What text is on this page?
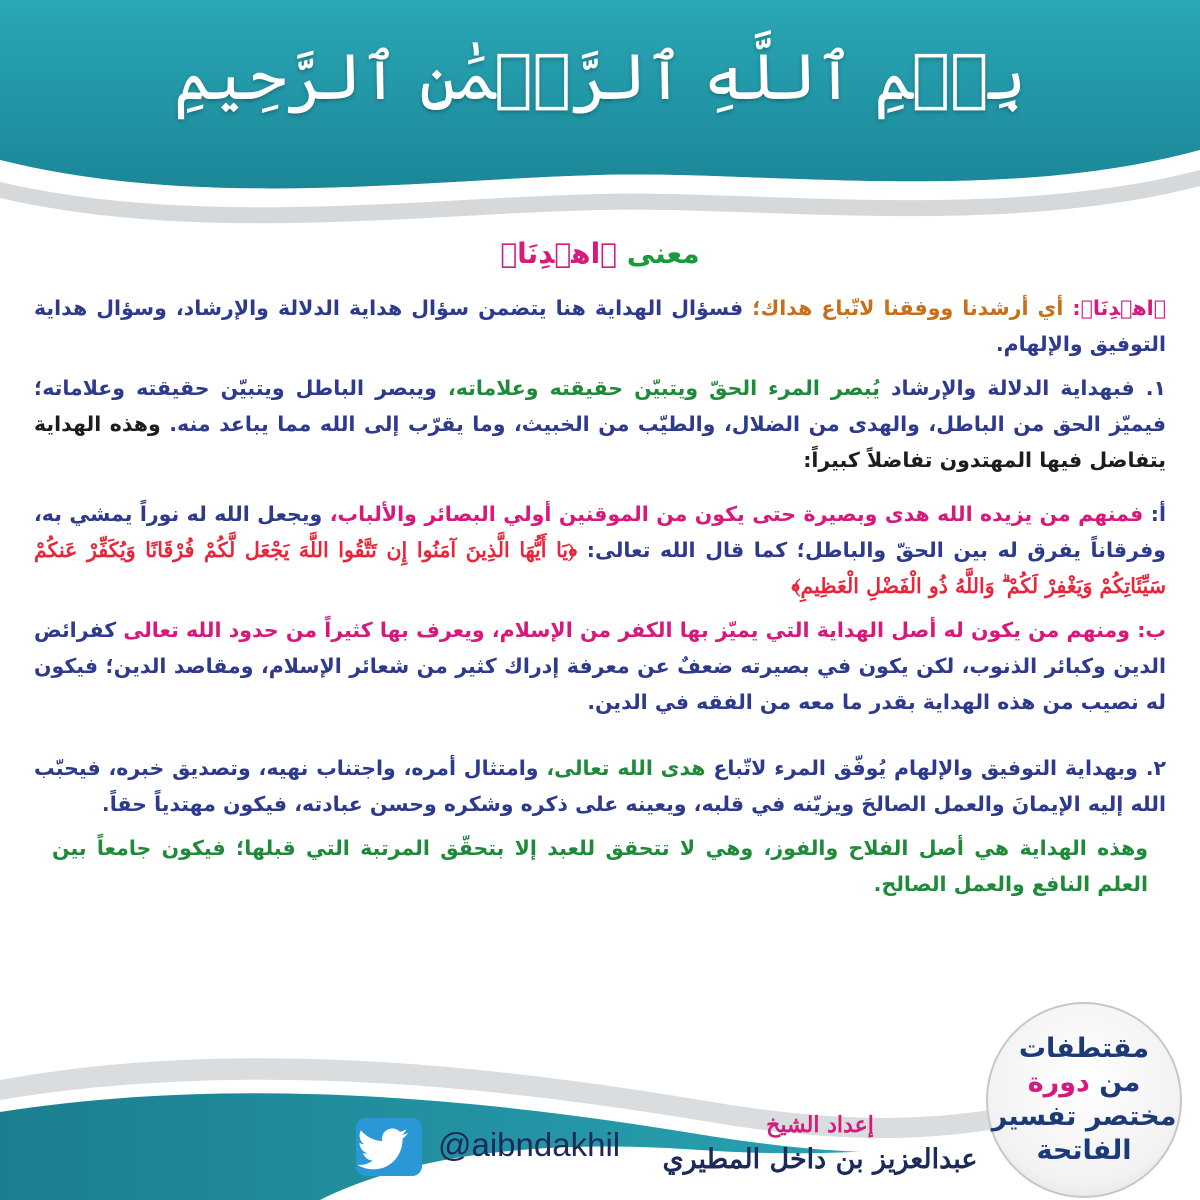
بِسۡمِ ٱللَّهِ ٱلرَّحۡمَٰنِ ٱلرَّحِيمِ
معنى ﴿اهۡدِنَا﴾
﴿اهۡدِنَا﴾: أي أرشدنا ووفقنا لاتّباع هداك؛ فسؤال الهداية هنا يتضمن سؤال هداية الدلالة والإرشاد، وسؤال هداية التوفيق والإلهام.
١. فبهداية الدلالة والإرشاد يُبصر المرء الحقّ ويتبيّن حقيقته وعلاماته، ويبصر الباطل ويتبيّن حقيقته وعلاماته؛ فيميّز الحق من الباطل، والهدى من الضلال، والطيّب من الخبيث، وما يقرّب إلى الله مما يباعد منه. وهذه الهداية يتفاضل فيها المهتدون تفاضلاً كبيراً:
أ: فمنهم من يزيده الله هدى وبصيرة حتى يكون من الموقنين أولي البصائر والألباب، ويجعل الله له نوراً يمشي به، وفرقاناً يفرق له بين الحقّ والباطل؛ كما قال الله تعالى: ﴿يَا أَيُّهَا الَّذِينَ آمَنُوا إِن تَتَّقُوا اللَّهَ يَجْعَل لَّكُمْ فُرْقَانًا وَيُكَفِّرْ عَنكُمْ سَيِّئَاتِكُمْ وَيَغْفِرْ لَكُمْ ۗ وَاللَّهُ ذُو الْفَضْلِ الْعَظِيمِ﴾
ب: ومنهم من يكون له أصل الهداية التي يميّز بها الكفر من الإسلام، ويعرف بها كثيراً من حدود الله تعالى كفرائض الدين وكبائر الذنوب، لكن يكون في بصيرته ضعفٌ عن معرفة إدراك كثير من شعائر الإسلام، ومقاصد الدين؛ فيكون له نصيب من هذه الهداية بقدر ما معه من الفقه في الدين.
٢. وبهداية التوفيق والإلهام يُوفّق المرء لاتّباع هدى الله تعالى، وامتثال أمره، واجتناب نهيه، وتصديق خبره، فيحبّب الله إليه الإيمانَ والعمل الصالحَ ويزيّنه في قلبه، ويعينه على ذكره وشكره وحسن عبادته، فيكون مهتدياً حقاً.
وهذه الهداية هي أصل الفلاح والفوز، وهي لا تتحقق للعبد إلا بتحقّق المرتبة التي قبلها؛ فيكون جامعاً بين العلم النافع والعمل الصالح.
إعداد الشيخ
عبدالعزيز بن داخل المطيري
@aibndakhil
مقتطفات
من دورة
مختصر تفسير
الفاتحة
